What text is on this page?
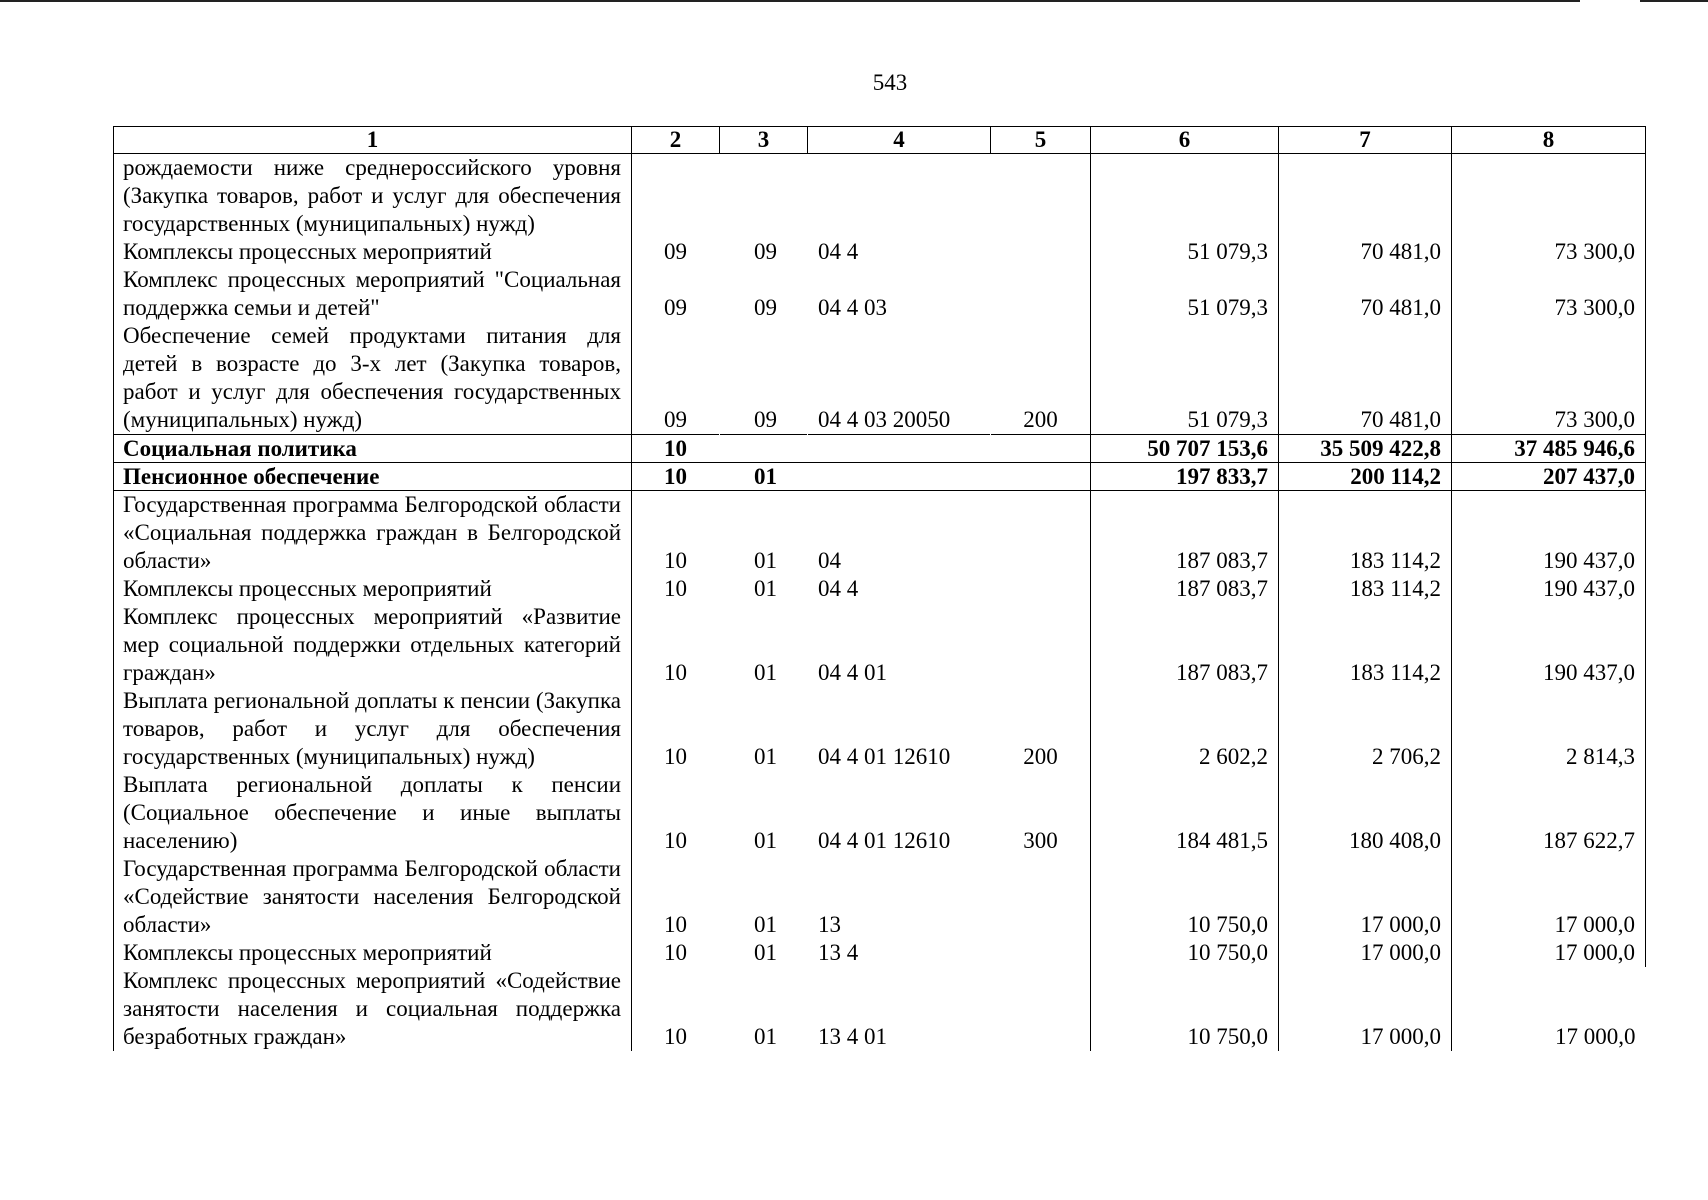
543
1	2	3	4	5	6	7	8
рождаемости ниже среднероссийского уровня (Закупка товаров, работ и услуг для обеспечения государственных (муниципальных) нужд)							
Комплексы процессных мероприятий	09	09	04 4		51 079,3	70 481,0	73 300,0
Комплекс процессных мероприятий "Социальная поддержка семьи и детей"	09	09	04 4 03		51 079,3	70 481,0	73 300,0
Обеспечение семей продуктами питания для детей в возрасте до 3-х лет (Закупка товаров, работ и услуг для обеспечения государственных (муниципальных) нужд)	09	09	04 4 03 20050	200	51 079,3	70 481,0	73 300,0
Социальная политика	10				50 707 153,6	35 509 422,8	37 485 946,6
Пенсионное обеспечение	10	01			197 833,7	200 114,2	207 437,0
Государственная программа Белгородской области «Социальная поддержка граждан в Белгородской области»	10	01	04		187 083,7	183 114,2	190 437,0
Комплексы процессных мероприятий	10	01	04 4		187 083,7	183 114,2	190 437,0
Комплекс процессных мероприятий «Развитие мер социальной поддержки отдельных категорий граждан»	10	01	04 4 01		187 083,7	183 114,2	190 437,0
Выплата региональной доплаты к пенсии (Закупка товаров, работ и услуг для обеспечения государственных (муниципальных) нужд)	10	01	04 4 01 12610	200	2 602,2	2 706,2	2 814,3
Выплата региональной доплаты к пенсии (Социальное обеспечение и иные выплаты населению)	10	01	04 4 01 12610	300	184 481,5	180 408,0	187 622,7
Государственная программа Белгородской области «Содействие занятости населения Белгородской области»	10	01	13		10 750,0	17 000,0	17 000,0
Комплексы процессных мероприятий	10	01	13 4		10 750,0	17 000,0	17 000,0
Комплекс процессных мероприятий «Содействие занятости населения и социальная поддержка безработных граждан»	10	01	13 4 01		10 750,0	17 000,0	17 000,0
